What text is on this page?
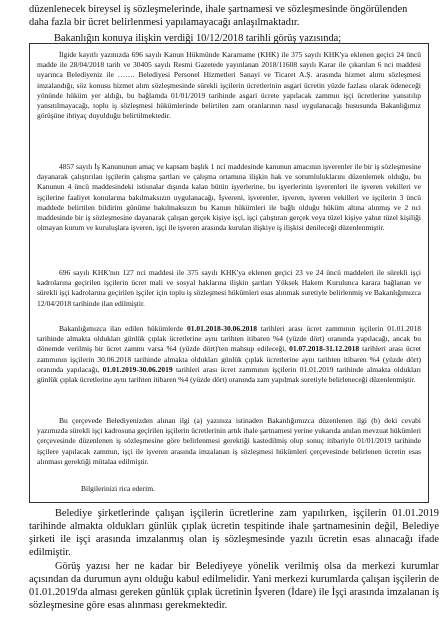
düzenlenecek bireysel iş sözleşmelerinde, ihale şartnamesi ve sözleşmesinde öngörülenden

daha fazla bir ücret belirlenmesi yapılamayacağı anlaşılmaktadır.

Bakanlığın konuya ilişkin verdiği 10/12/2018 tarihli görüş yazısında;

İlgide kayıtlı yazınızda 696 sayılı Kanun Hükmünde Kararname (KHK) ile 375 sayılı KHK'ya eklenen geçici 24 üncü madde ile 28/04/2018 tarih ve 30405 sayılı Resmi Gazetede yayınlanan 2018/11608 sayılı Karar ile çıkarılan 6 nci maddesi uyarınca Belediyeniz ile ……. Belediyesi Personel Hizmetleri Sanayi ve Ticaret A.Ş. arasında hizmet alımı sözleşmesi imzalandığı, söz konusu hizmet alım sözleşmesinde sürekli işçilerin ücretlerinin asgari ücretin yüzde fazlası olarak ödeneceği yönünde hüküm yer aldığı, bu bağlamda 01/01/2019 tarihinde asgari ücrete yapılacak zammın işçi ücretlerine yansıtılıp yansıtılmayacağı, toplu iş sözleşmesi hükümlerinde belirtilen zam oranlarının nasıl uygulanacağı hususunda Bakanlığımız görüşüne ihtiyaç duyulduğu belirtilmektedir.

4857 sayılı İş Kanununun amaç ve kapsam başlık 1 nci maddesinde kanunun amacının işverenler ile bir iş sözleşmesine dayanarak çalıştırılan işçilerin çalışma şartları ve çalışma ortamına ilişkin hak ve sorumluluklarını düzenlemek olduğu, bu Kanunun 4 üncü maddesindeki istisnalar dışında kalan bütün işyerlerine, bu işyerlerinin işverenleri ile işveren vekilleri ve işçilerine faaliyet konularına bakılmaksızın uygulanacağı, İşvereni, işverenler, işveren, işveren vekilleri ve işçilerin 3 üncü maddede belirtilen bildirim günüme bakılmaksızın bu Kanun hükümleri ile bağlı olduğu hüküm altına alınmış ve 2 nci maddesinde bir iş sözleşmesine dayanarak çalışan gerçek kişiye işçi, işçi çalıştıran gerçek veya tüzel kişiye yahut tüzel kişiliği olmayan kurum ve kuruluşlara işveren, işçi ile işveren arasında kurulan ilişkiye iş ilişkisi denileceği düzenlenmiştir.

696 sayılı KHK'nın 127 nci maddesi ile 375 sayılı KHK'ya eklenen geçici 23 ve 24 üncü maddeleri ile sürekli işçi kadrolarına geçirilen işçilerin ücret mali ve sosyal haklarına ilişkin şartları Yüksek Hakem Kurulunca karara bağlanan ve sürekli işçi kadrolarına geçirilen işçiler için toplu iş sözleşmesi hükümleri esas alınmak suretiyle belirlenmiş ve Bakanlığımızca 12/04/2018 tarihinde ilan edilmiştir.

Bakanlığımızca ilan edilen hükümlerde 01.01.2018-30.06.2018 tarihleri arası ücret zammının işçilerin 01.01.2018 tarihinde almakta oldukları günlük çıplak ücretlerine aynı tarihten itibaren %4 (yüzde dört) oranında yapılacağı, ancak bu dönemde verilmiş bir ücret zammı varsa %4 (yüzde dört)'ten mahsup edileceği, 01.07.2018-31.12.2018 tarihleri arası ücret zammının işçilerin 30.06.2018 tarihinde almakta oldukları günlük çıplak ücretlerine aynı tarihten itibaren %4 (yüzde dört) oranında yapılacağı, 01.01.2019-30.06.2019 tarihleri arası ücret zammının işçilerin 01.01.2019 tarihinde almakta oldukları günlük çıplak ücretlerine aynı tarihten itibaren %4 (yüzde dört) oranında zam yapılmak suretiyle belirleneceği düzenlenmiştir.

Bu çerçevede Belediyenizden alınan ilgi (a) yazınıza istinaden Bakanlığımızca düzenlenen ilgi (b) deki cevabi yazımızda sürekli işçi kadrosuna geçirilen işçilerin ücretlerinin artık ihale şartnamesi yerine yukarıda anılan mevzuat hükümleri çerçevesinde düzenlenen iş sözleşmesine göre belirlenmesi gerektiği kastedilmiş olup sonuç itibariyle 01/01/2019 tarihinde işçilere yapılacak zammın, işçi ile işveren arasında imzalanan iş sözleşmesi hükümleri çerçevesinde belirlenen ücretin esas alınması gerektiği mütalaa edilmiştir.

Bilgilerinizi rica ederim.

Belediye şirketlerinde çalışan işçilerin ücretlerine zam yapılırken, işçilerin 01.01.2019 tarihinde almakta oldukları günlük çıplak ücretin tespitinde ihale şartnamesinin değil, Belediye şirketi ile işçi arasında imzalanmış olan iş sözleşmesinde yazılı ücretin esas alınacağı ifade edilmiştir.

Görüş yazısı her ne kadar bir Belediyeye yönelik verilmiş olsa da merkezi kurumlar açısından da durumun aynı olduğu kabul edilmelidir. Yani merkezi kurumlarda çalışan işçilerin de 01.01.2019'da alması gereken günlük çıplak ücretinin İşveren (İdare) ile İşçi arasında imzalanan iş sözleşmesine göre esas alınması gerekmektedir.
